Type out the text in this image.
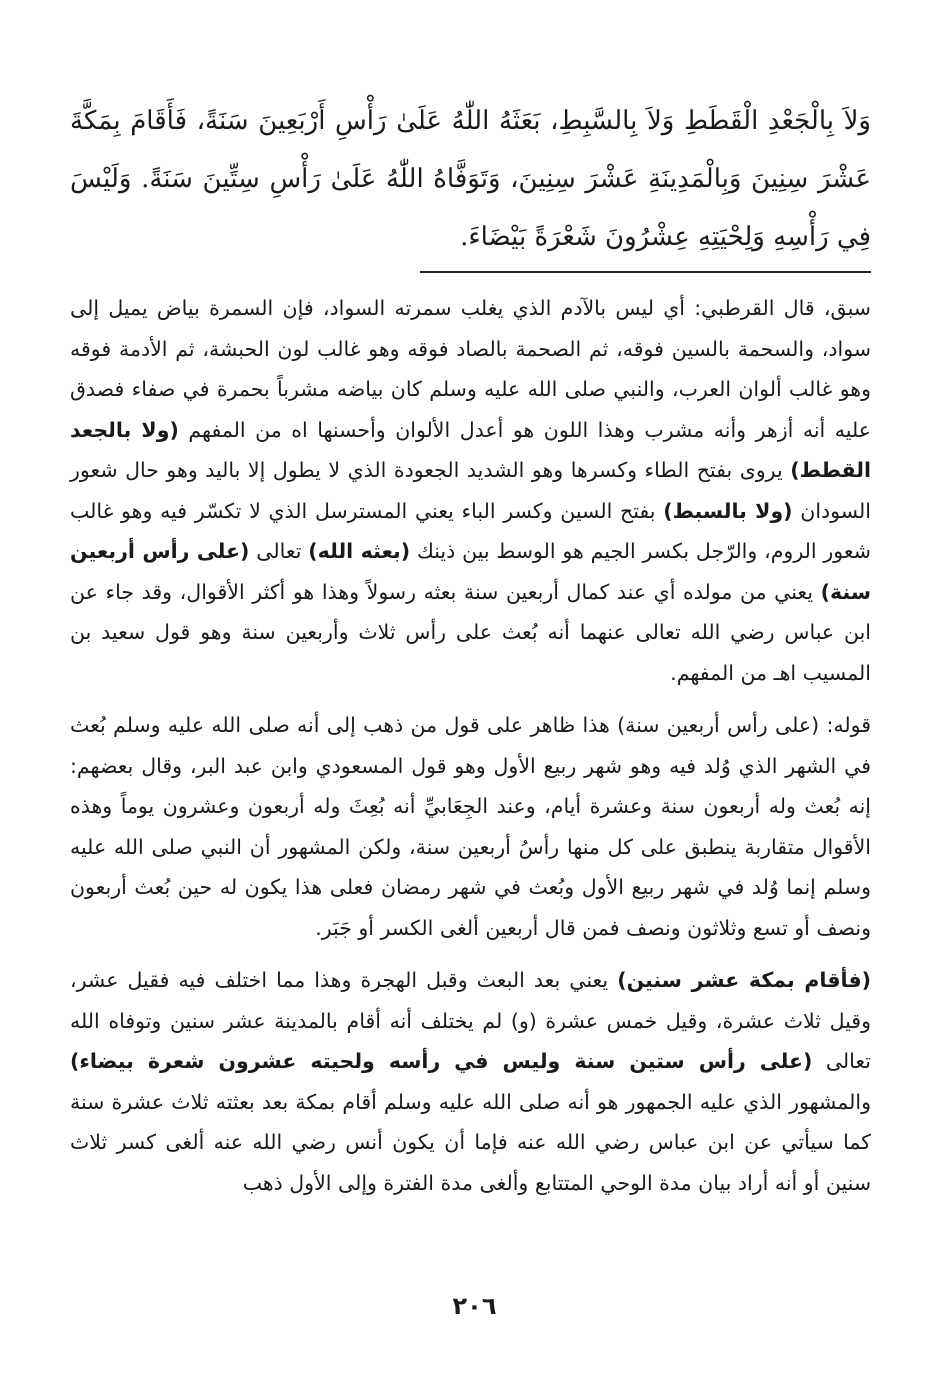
وَلاَ بِالْجَعْدِ الْقَطَطِ وَلاَ بِالسَّبِطِ، بَعَثَهُ اللّٰهُ عَلَىٰ رَأْسِ أَرْبَعِينَ سَنَةً، فَأَقَامَ بِمَكَّةَ عَشْرَ سِنِينَ وَبِالْمَدِينَةِ عَشْرَ سِنِينَ، وَتَوَفَّاهُ اللّٰهُ عَلَىٰ رَأْسِ سِتِّينَ سَنَةً. وَلَيْسَ فِي رَأْسِهِ وَلِحْيَتِهِ عِشْرُونَ شَعْرَةً بَيْضَاءَ.

سبق، قال القرطبي: أي ليس بالآدم الذي يغلب سمرته السواد، فإن السمرة بياض يميل إلى سواد، والسحمة بالسين فوقه، ثم الصحمة بالصاد فوقه وهو غالب لون الحبشة، ثم الأدمة فوقه وهو غالب ألوان العرب، والنبي صلى الله عليه وسلم كان بياضه مشرباً بحمرة في صفاء فصدق عليه أنه أزهر وأنه مشرب وهذا اللون هو أعدل الألوان وأحسنها اه من المفهم (ولا بالجعد القطط) يروى بفتح الطاء وكسرها وهو الشديد الجعودة الذي لا يطول إلا باليد وهو حال شعور السودان (ولا بالسبط) بفتح السين وكسر الباء يعني المسترسل الذي لا تكسّر فيه وهو غالب شعور الروم، والرّجل بكسر الجيم هو الوسط بين ذينك (بعثه الله) تعالى (على رأس أربعين سنة) يعني من مولده أي عند كمال أربعين سنة بعثه رسولاً وهذا هو أكثر الأقوال، وقد جاء عن ابن عباس رضي الله تعالى عنهما أنه بُعث على رأس ثلاث وأربعين سنة وهو قول سعيد بن المسيب اهـ من المفهم.

قوله: (على رأس أربعين سنة) هذا ظاهر على قول من ذهب إلى أنه صلى الله عليه وسلم بُعث في الشهر الذي وُلد فيه وهو شهر ربيع الأول وهو قول المسعودي وابن عبد البر، وقال بعضهم: إنه بُعث وله أربعون سنة وعشرة أيام، وعند الجِعَابيِّ أنه بُعِثَ وله أربعون وعشرون يوماً وهذه الأقوال متقاربة ينطبق على كل منها رأسُ أربعين سنة، ولكن المشهور أن النبي صلى الله عليه وسلم إنما وُلد في شهر ربيع الأول وبُعث في شهر رمضان فعلى هذا يكون له حين بُعث أربعون ونصف أو تسع وثلاثون ونصف فمن قال أربعين ألغى الكسر أو جَبَر.

(فأقام بمكة عشر سنين) يعني بعد البعث وقبل الهجرة وهذا مما اختلف فيه فقيل عشر، وقيل ثلاث عشرة، وقيل خمس عشرة (و) لم يختلف أنه أقام بالمدينة عشر سنين وتوفاه الله تعالى (على رأس ستين سنة وليس في رأسه ولحيته عشرون شعرة بيضاء) والمشهور الذي عليه الجمهور هو أنه صلى الله عليه وسلم أقام بمكة بعد بعثته ثلاث عشرة سنة كما سيأتي عن ابن عباس رضي الله عنه فإما أن يكون أنس رضي الله عنه ألغى كسر ثلاث سنين أو أنه أراد بيان مدة الوحي المتتابع وألغى مدة الفترة وإلى الأول ذهب

٢٠٦
